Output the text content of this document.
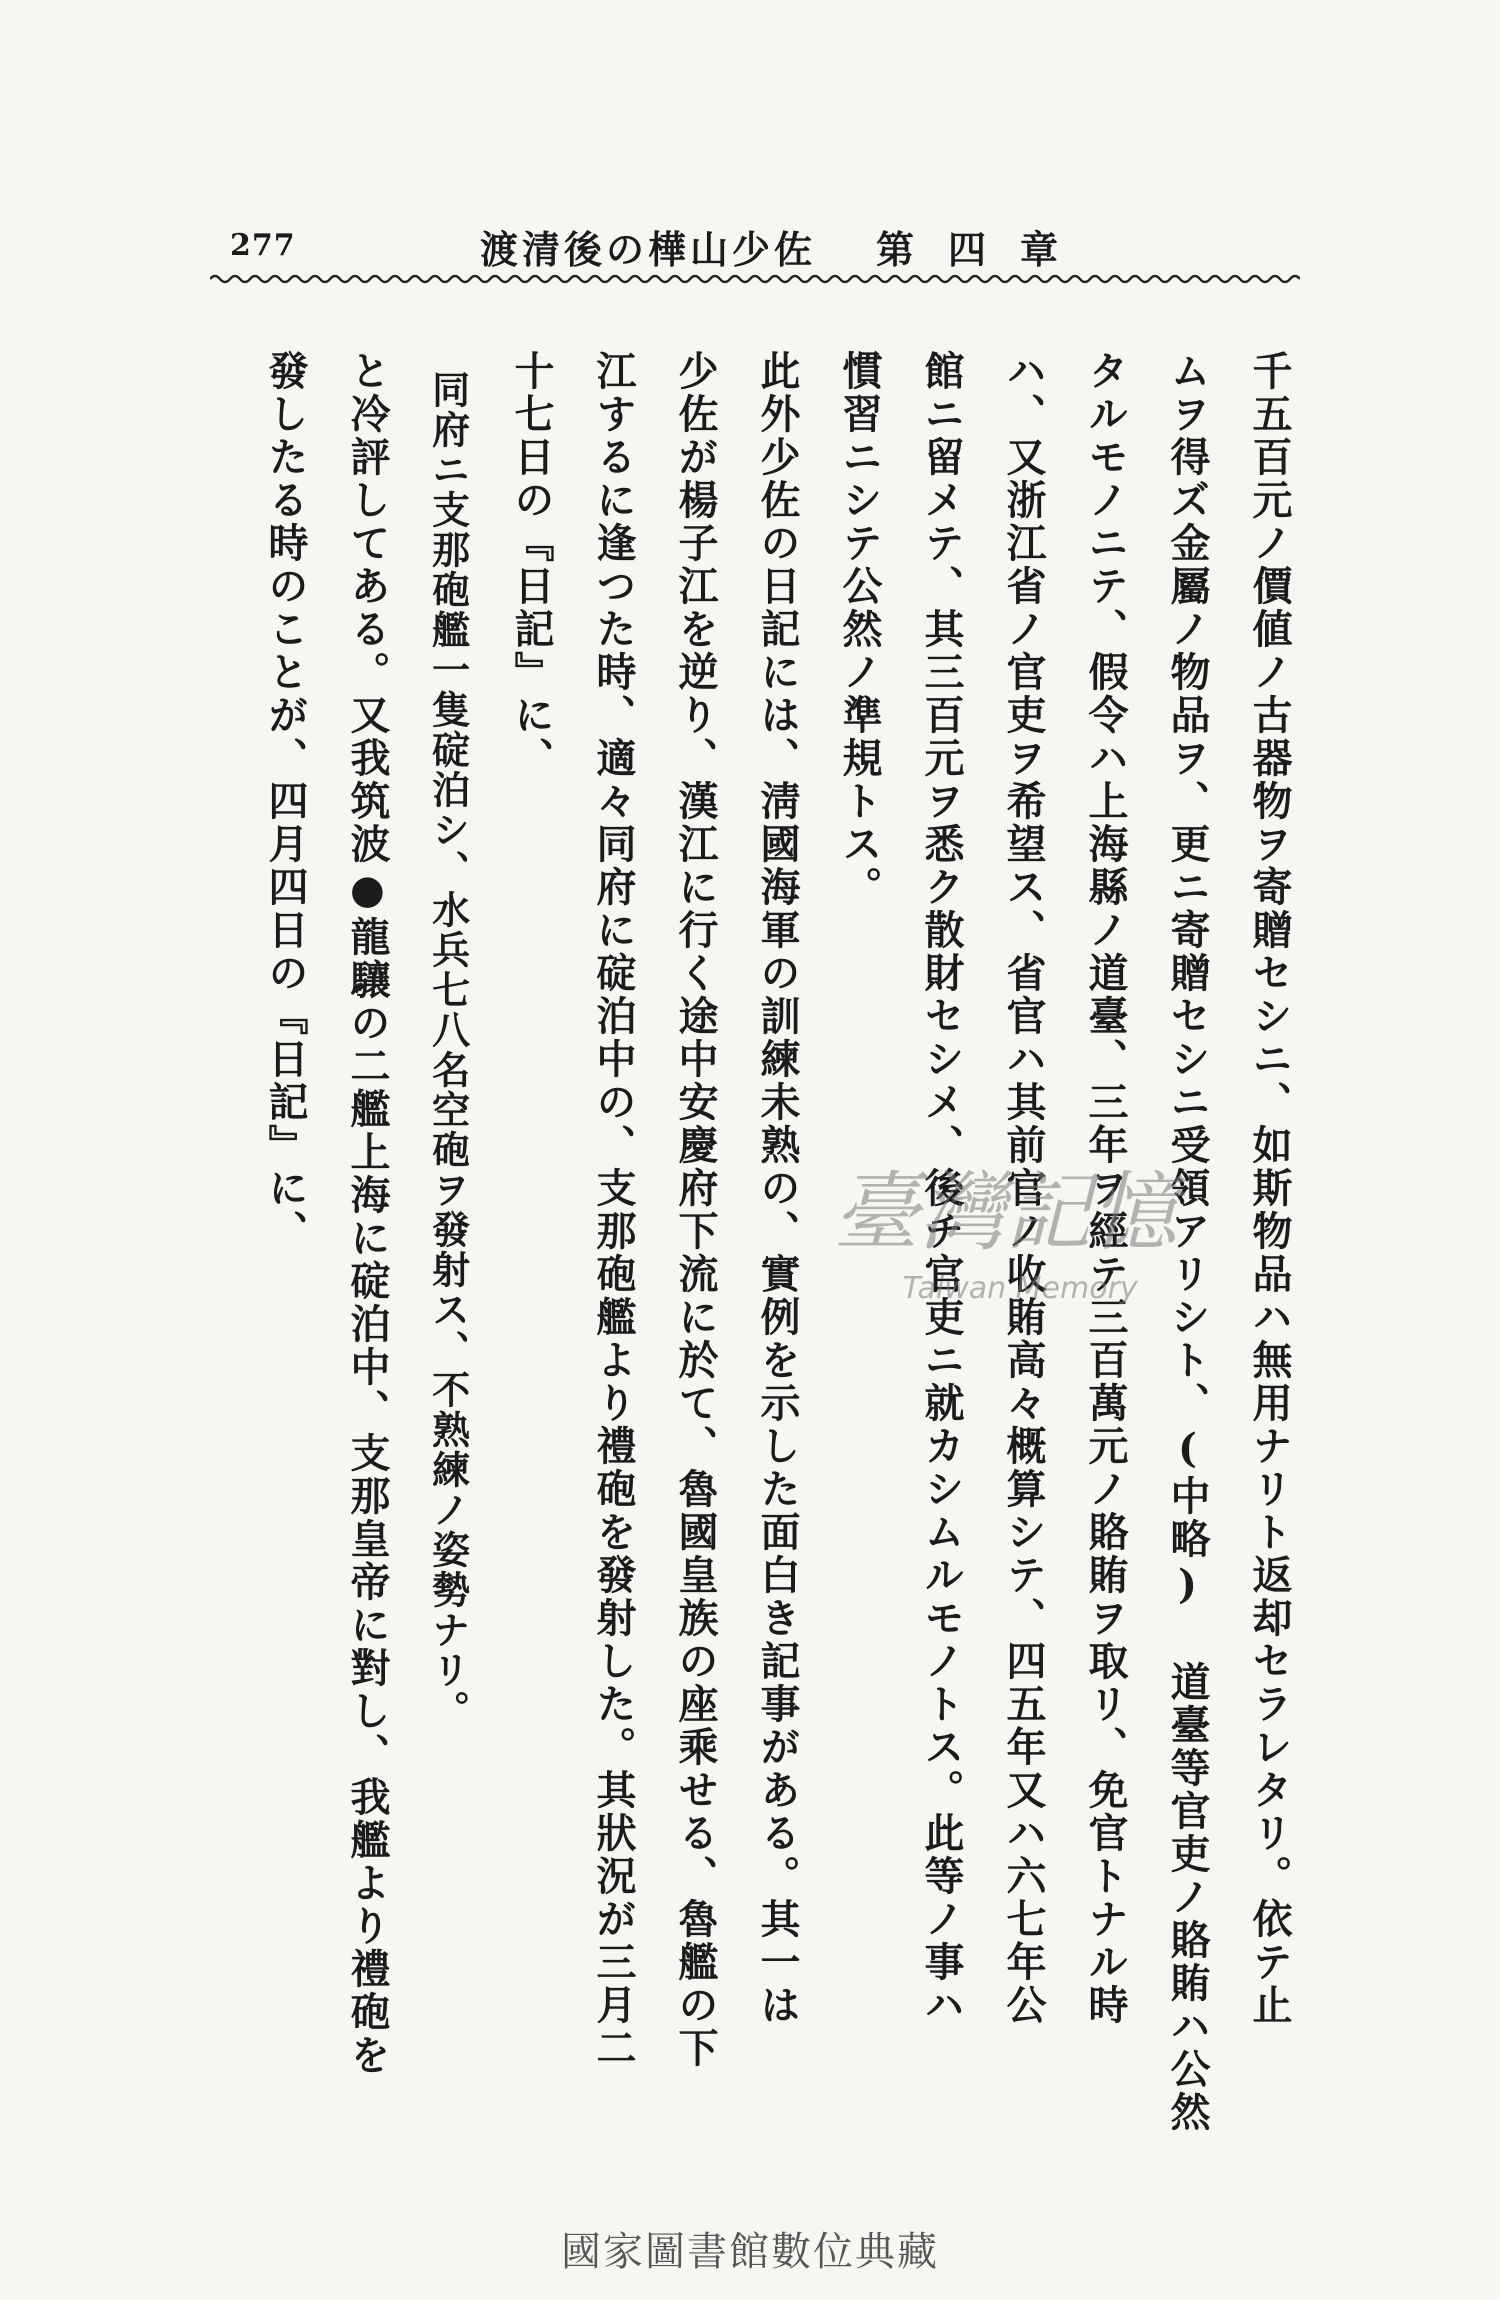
277	渡清後の樺山少佐 第四章
千五百元ノ價値ノ古器物ヲ寄贈セシニ、如斯物品ハ無用ナリト返却セラレタリ。依テ止
ムヲ得ズ金屬ノ物品ヲ、更ニ寄贈セシニ受領アリシト、(中略) 道臺等官吏ノ賂賄ハ公然
タルモノニテ、假令ハ上海縣ノ道臺、三年ヲ經テ三百萬元ノ賂賄ヲ取リ、免官トナル時
ハ、又浙江省ノ官吏ヲ希望ス、省官ハ其前官ノ收賄高々概算シテ、四五年又ハ六七年公
館ニ留メテ、其三百元ヲ悉ク散財セシメ、後チ官吏ニ就カシムルモノトス。此等ノ事ハ
慣習ニシテ公然ノ準規トス。
此外少佐の日記には、淸國海軍の訓練未熟の、實例を示した面白き記事がある。其一は
少佐が楊子江を逆り、漢江に行く途中安慶府下流に於て、魯國皇族の座乘せる、魯艦の下
江するに逢つた時、適々同府に碇泊中の、支那砲艦より禮砲を發射した。其狀況が三月二
十七日の『日記』に、
同府ニ支那砲艦一隻碇泊シ、水兵七八名空砲ヲ發射ス、不熟練ノ姿勢ナリ。
と冷評してある。又我筑波●龍驤の二艦上海に碇泊中、支那皇帝に對し、我艦より禮砲を
發したる時のことが、四月四日の『日記』に、	臺灣記憶
Taiwan Memory
國家圖書館數位典藏
